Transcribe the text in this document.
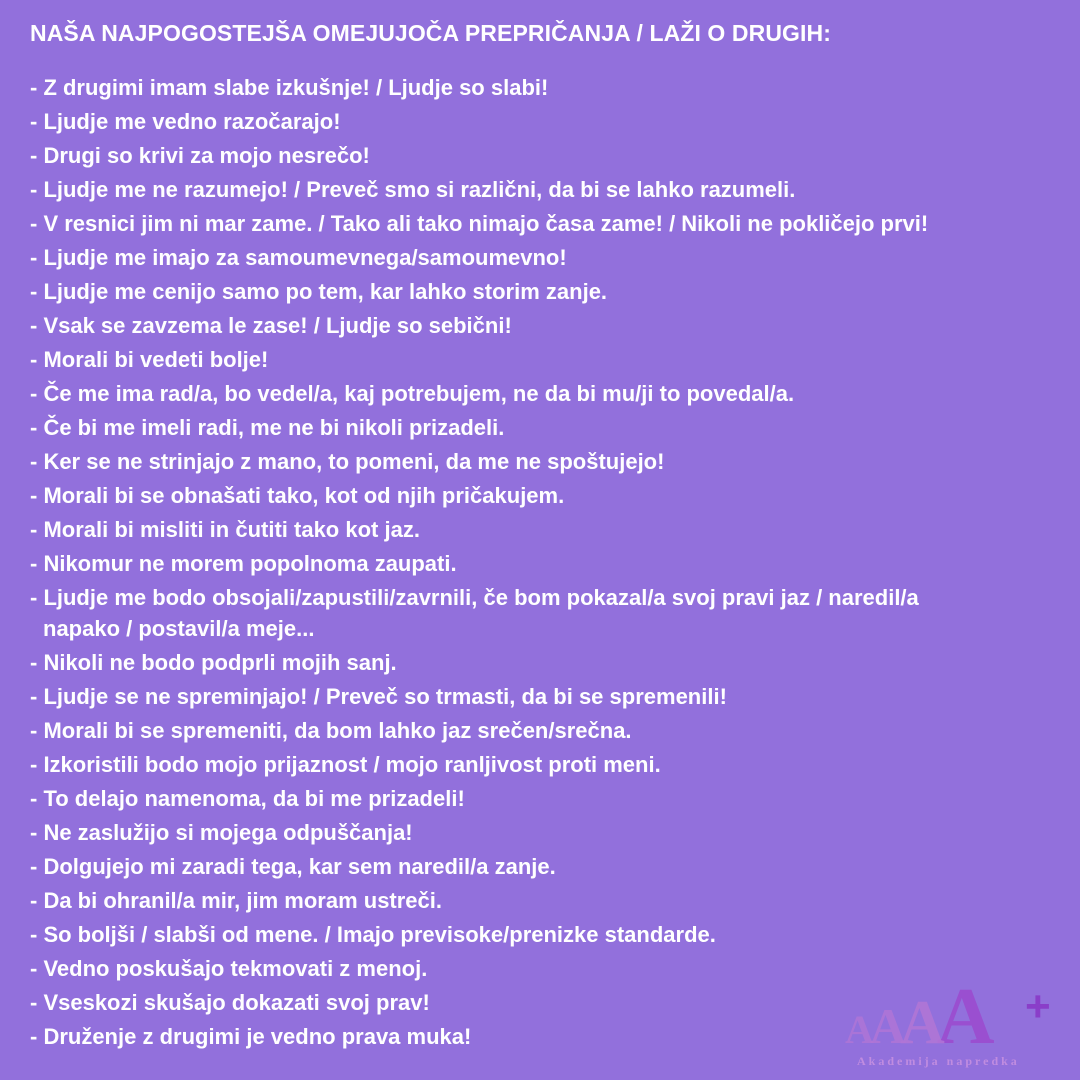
NAŠA NAJPOGOSTEJŠA OMEJUJOČA PREPRIČANJA / LAŽI O DRUGIH:
- Z drugimi imam slabe izkušnje! / Ljudje so slabi!
- Ljudje me vedno razočarajo!
- Drugi so krivi za mojo nesrečo!
- Ljudje me ne razumejo! / Preveč smo si različni, da bi se lahko razumeli.
- V resnici jim ni mar zame. / Tako ali tako nimajo časa zame! / Nikoli ne pokličejo prvi!
- Ljudje me imajo za samoumevnega/samoumevno!
- Ljudje me cenijo samo po tem, kar lahko storim zanje.
- Vsak se zavzema le zase! / Ljudje so sebični!
- Morali bi vedeti bolje!
- Če me ima rad/a, bo vedel/a, kaj potrebujem, ne da bi mu/ji to povedal/a.
- Če bi me imeli radi, me ne bi nikoli prizadeli.
- Ker se ne strinjajo z mano, to pomeni, da me ne spoštujejo!
- Morali bi se obnašati tako, kot od njih pričakujem.
- Morali bi misliti in čutiti tako kot jaz.
- Nikomur ne morem popolnoma zaupati.
- Ljudje me bodo obsojali/zapustili/zavrnili, če bom pokazal/a svoj pravi jaz / naredil/a
napako / postavil/a meje...
- Nikoli ne bodo podprli mojih sanj.
- Ljudje se ne spreminjajo! / Preveč so trmasti, da bi se spremenili!
- Morali bi se spremeniti, da bom lahko jaz srečen/srečna.
- Izkoristili bodo mojo prijaznost / mojo ranljivost proti meni.
- To delajo namenoma, da bi me prizadeli!
- Ne zaslužijo si mojega odpuščanja!
- Dolgujejo mi zaradi tega, kar sem naredil/a zanje.
- Da bi ohranil/a mir, jim moram ustreči.
- So boljši / slabši od mene. / Imajo previsoke/prenizke standarde.
- Vedno poskušajo tekmovati z menoj.
- Vseskozi skušajo dokazati svoj prav!
- Druženje z drugimi je vedno prava muka!	AAAA +
Akademija napredka
